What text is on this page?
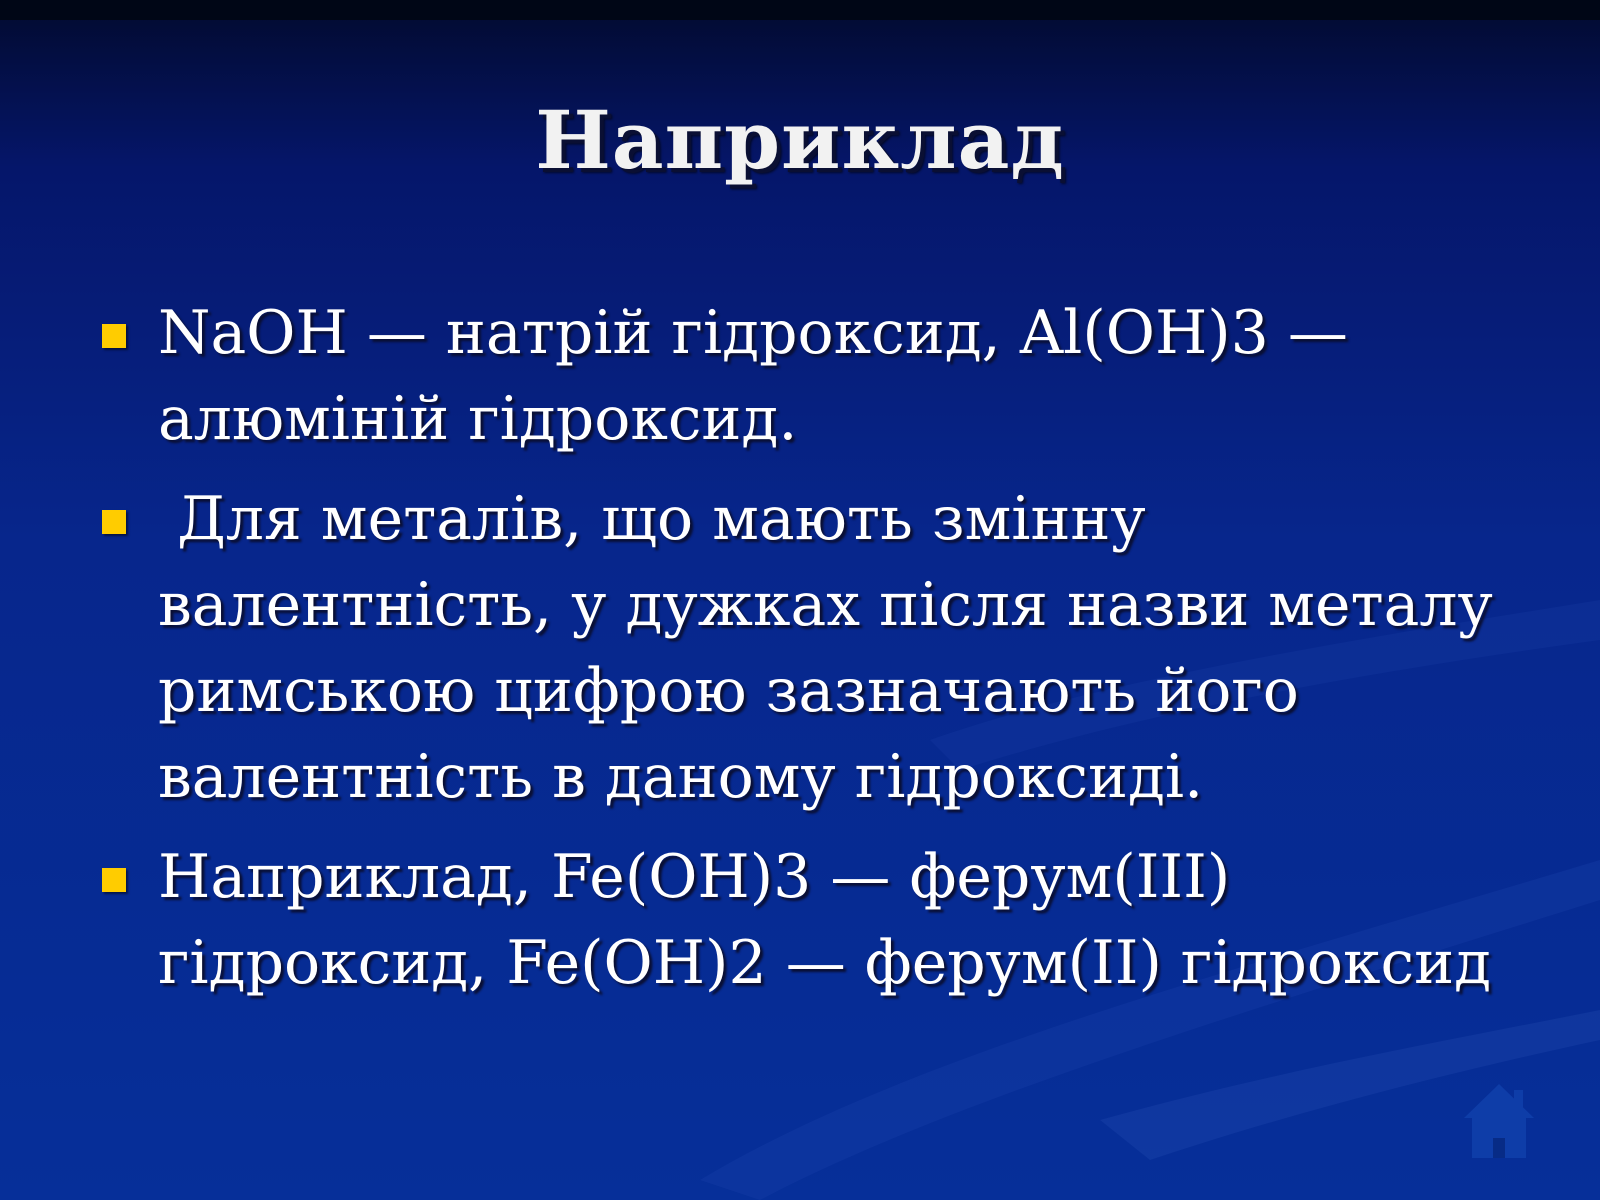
Наприклад
NaOH — натрій гідроксид, Al(OH)3 — алюміній гідроксид.
Для металів, що мають змінну валентність, у дужках після назви металу римською цифрою зазначають його валентність в даному гідроксиді.
Наприклад, Fe(OH)3 — ферум(III) гідроксид, Fe(OH)2 — ферум(II) гідроксид
